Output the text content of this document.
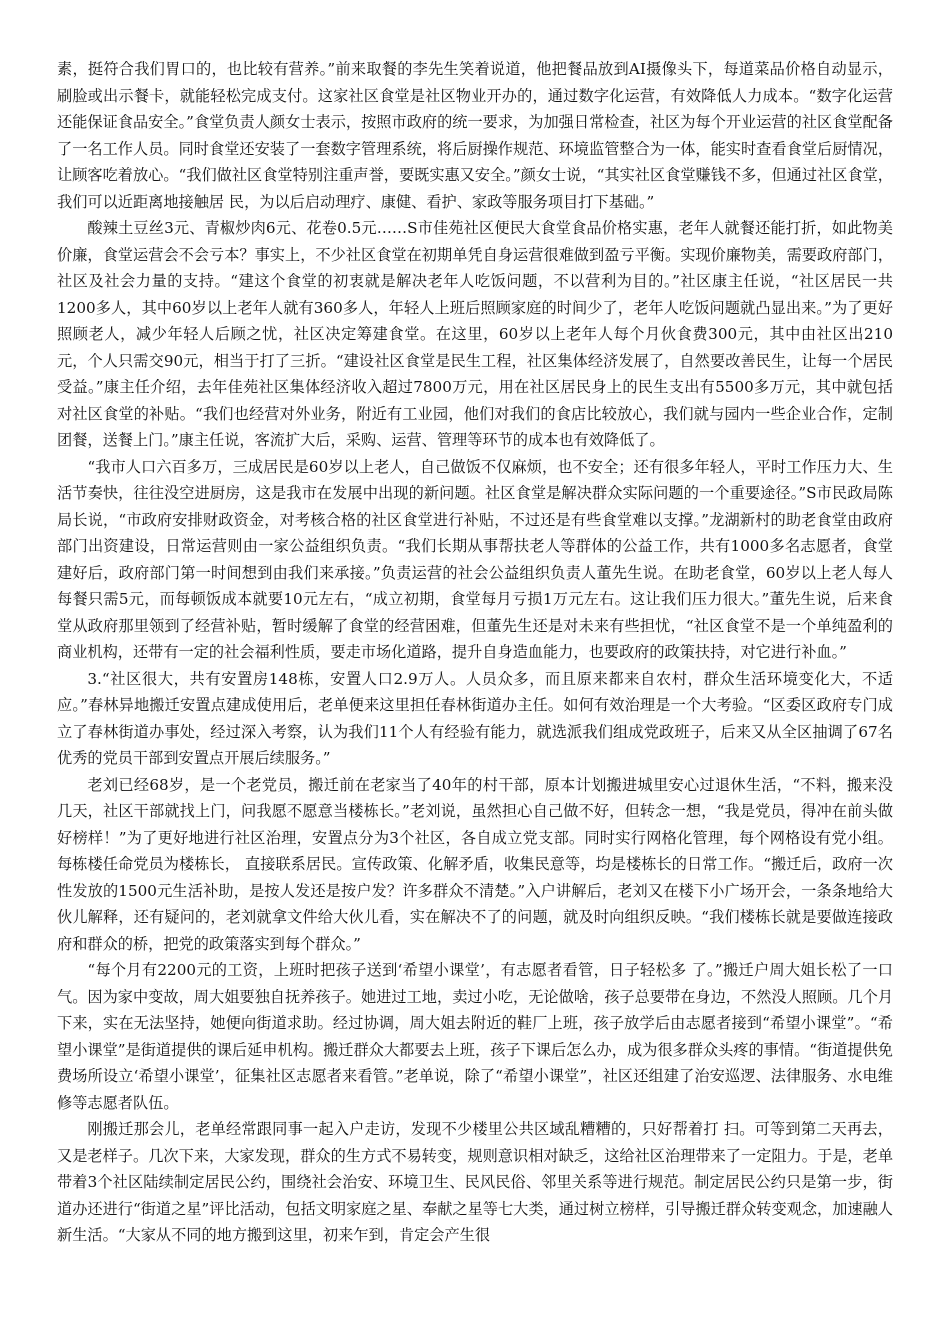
素，挺符合我们胃口的，也比较有营养。”前来取餐的李先生笑着说道，他把餐品放到AI摄像头下，每道菜品价格自动显示，刷脸或出示餐卡，就能轻松完成支付。这家社区食堂是社区物业开办的，通过数字化运营，有效降低人力成本。“数字化运营还能保证食品安全。”食堂负责人颜女士表示，按照市政府的统一要求，为加强日常检查，社区为每个开业运营的社区食堂配备了一名工作人员。同时食堂还安装了一套数字管理系统，将后厨操作规范、环境监管整合为一体，能实时查看食堂后厨情况，让顾客吃着放心。“我们做社区食堂特别注重声誉，要既实惠又安全。”颜女士说，“其实社区食堂赚钱不多，但通过社区食堂，我们可以近距离地接触居 民，为以后启动理疗、康健、看护、家政等服务项目打下基础。”

酸辣土豆丝3元、青椒炒肉6元、花卷0.5元……S市佳苑社区便民大食堂食品价格实惠，老年人就餐还能打折，如此物美价廉，食堂运营会不会亏本？事实上，不少社区食堂在初期单凭自身运营很难做到盈亏平衡。实现价廉物美，需要政府部门，社区及社会力量的支持。“建这个食堂的初衷就是解决老年人吃饭问题，不以营利为目的。”社区康主任说，“社区居民一共1200多人，其中60岁以上老年人就有360多人，年轻人上班后照顾家庭的时间少了，老年人吃饭问题就凸显出来。”为了更好照顾老人，减少年轻人后顾之忧，社区决定筹建食堂。在这里，60岁以上老年人每个月伙食费300元，其中由社区出210元，个人只需交90元，相当于打了三折。“建设社区食堂是民生工程，社区集体经济发展了，自然要改善民生，让每一个居民受益。”康主任介绍，去年佳苑社区集体经济收入超过7800万元，用在社区居民身上的民生支出有5500多万元，其中就包括对社区食堂的补贴。“我们也经营对外业务，附近有工业园，他们对我们的食店比较放心，我们就与园内一些企业合作，定制团餐，送餐上门。”康主任说，客流扩大后，采购、运营、管理等环节的成本也有效降低了。

“我市人口六百多万，三成居民是60岁以上老人，自己做饭不仅麻烦，也不安全；还有很多年轻人，平时工作压力大、生活节奏快，往往没空进厨房，这是我市在发展中出现的新问题。社区食堂是解决群众实际问题的一个重要途径。”S市民政局陈局长说，“市政府安排财政资金，对考核合格的社区食堂进行补贴，不过还是有些食堂难以支撑。”龙湖新村的助老食堂由政府部门出资建设，日常运营则由一家公益组织负责。“我们长期从事帮扶老人等群体的公益工作，共有1000多名志愿者，食堂建好后，政府部门第一时间想到由我们来承接。”负责运营的社会公益组织负责人董先生说。在助老食堂，60岁以上老人每人每餐只需5元，而每顿饭成本就要10元左右，“成立初期，食堂每月亏损1万元左右。这让我们压力很大。”董先生说，后来食堂从政府那里领到了经营补贴，暂时缓解了食堂的经营困难，但董先生还是对未来有些担忧，“社区食堂不是一个单纯盈利的商业机构，还带有一定的社会福利性质，要走市场化道路，提升自身造血能力，也要政府的政策扶持，对它进行补血。”

3.“社区很大，共有安置房148栋，安置人口2.9万人。人员众多，而且原来都来自农村，群众生活环境变化大，不适应。”春林异地搬迁安置点建成使用后，老单便来这里担任春林街道办主任。如何有效治理是一个大考验。“区委区政府专门成立了春林街道办事处，经过深入考察，认为我们11个人有经验有能力，就选派我们组成党政班子，后来又从全区抽调了67名优秀的党员干部到安置点开展后续服务。”

老刘已经68岁，是一个老党员，搬迁前在老家当了40年的村干部，原本计划搬进城里安心过退休生活，“不料，搬来没几天，社区干部就找上门，问我愿不愿意当楼栋长。”老刘说，虽然担心自己做不好，但转念一想，“我是党员，得冲在前头做好榜样！”为了更好地进行社区治理，安置点分为3个社区，各自成立党支部。同时实行网格化管理，每个网格设有党小组。每栋楼任命党员为楼栋长， 直接联系居民。宣传政策、化解矛盾，收集民意等，均是楼栋长的日常工作。“搬迁后，政府一次性发放的1500元生活补助，是按人发还是按户发？许多群众不清楚。”入户讲解后，老刘又在楼下小广场开会，一条条地给大伙儿解释，还有疑问的，老刘就拿文件给大伙儿看，实在解决不了的问题，就及时向组织反映。“我们楼栋长就是要做连接政府和群众的桥，把党的政策落实到每个群众。”

“每个月有2200元的工资，上班时把孩子送到‘希望小课堂’，有志愿者看管，日子轻松多 了。”搬迁户周大姐长松了一口气。因为家中变故，周大姐要独自抚养孩子。她进过工地，卖过小吃，无论做啥，孩子总要带在身边，不然没人照顾。几个月下来，实在无法坚持，她便向街道求助。经过协调，周大姐去附近的鞋厂上班，孩子放学后由志愿者接到“希望小课堂”。“希望小课堂”是街道提供的课后延申机构。搬迁群众大都要去上班，孩子下课后怎么办，成为很多群众头疼的事情。“街道提供免费场所设立‘希望小课堂’，征集社区志愿者来看管。”老单说，除了“希望小课堂”，社区还组建了治安巡逻、法律服务、水电维修等志愿者队伍。

刚搬迁那会儿，老单经常跟同事一起入户走访，发现不少楼里公共区域乱糟糟的，只好帮着打 扫。可等到第二天再去，又是老样子。几次下来，大家发现，群众的生方式不易转变，规则意识相对缺乏，这给社区治理带来了一定阻力。于是，老单带着3个社区陆续制定居民公约，围绕社会治安、环境卫生、民风民俗、邻里关系等进行规范。制定居民公约只是第一步，街道办还进行“街道之星”评比活动，包括文明家庭之星、奉献之星等七大类，通过树立榜样，引导搬迁群众转变观念，加速融人新生活。“大家从不同的地方搬到这里，初来乍到，肯定会产生很
